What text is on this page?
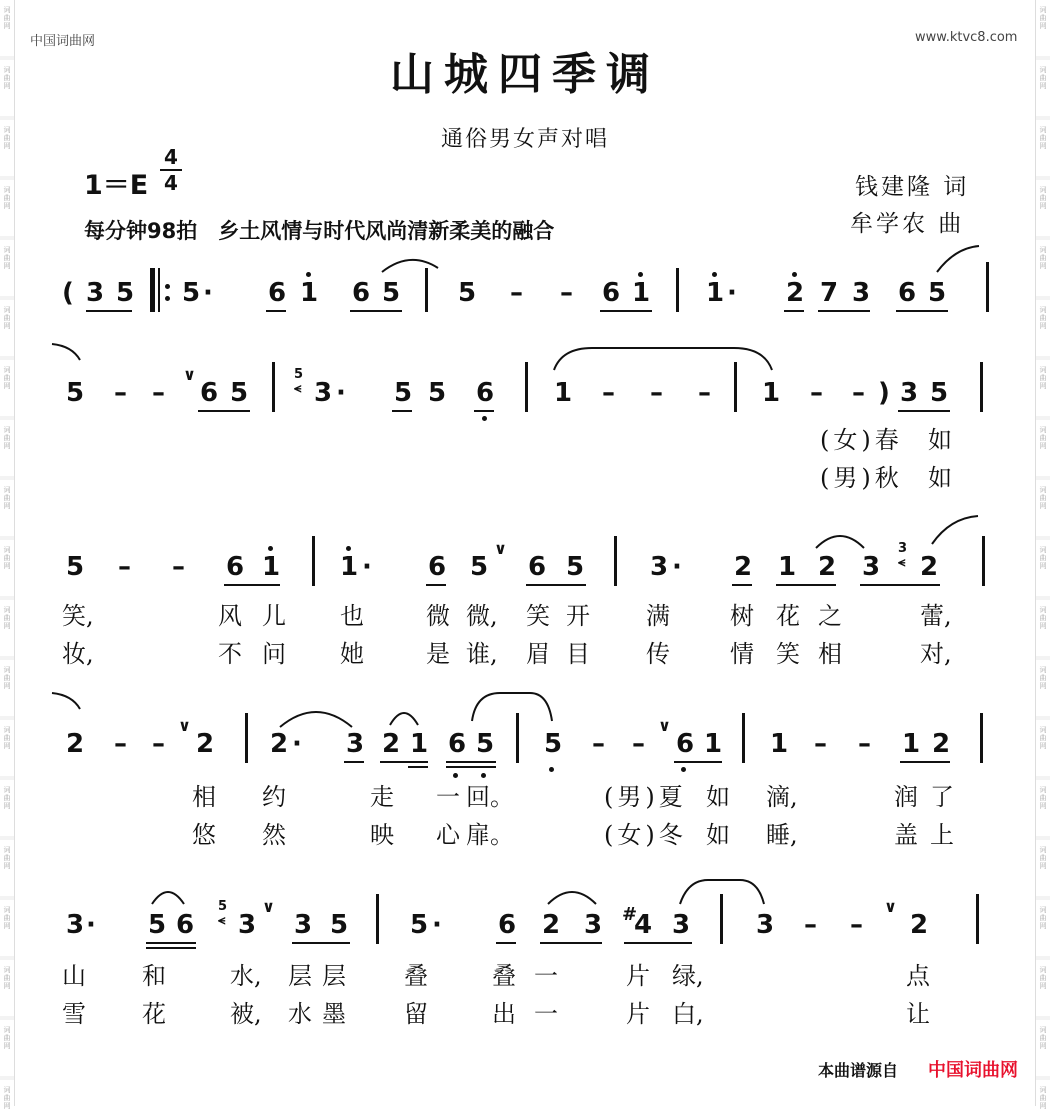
词
曲
网
词
曲
网
词
曲
网
词
曲
网
词
曲
网
词
曲
网
词
曲
网
词
曲
网
词
曲
网
词
曲
网
词
曲
网
词
曲
网
词
曲
网
词
曲
网
词
曲
网
词
曲
网
词
曲
网
词
曲
网
词
曲
网
词
曲
网
词
曲
网
词
曲
网
词
曲
网
词
曲
网
词
曲
网
词
曲
网
词
曲
网
词
曲
网
词
曲
网
词
曲
网
词
曲
网
词
曲
网
词
曲
网
词
曲
网
词
曲
网
词
曲
网
词
曲
网
词
曲
网
中国词曲网	www.ktvc8.com
山城四季调
通俗男女声对唱
1＝E
4
4
每分钟98拍　乡土风情与时代风尚清新柔美的融合
钱建隆 词
牟学农 曲
( 3 5 5 · 6 1 6 5 5 – – 6 1 1 · 2 7 3 6 5
5 – –
∨
6 5
5
⪪ 3 · 5 5 6 1 – – – 1 – – ) 3 5
(女)春 如
(男)秋 如
5 – – 6 1 1 · 6 5
∨
6 5	3 · 2 1 2 3
3
⪪ 2
笑,	风 儿 也	微 微, 笑 开 满	树 花 之	蕾,
妆,	不 问 她	是 谁, 眉 目 传	情 笑 相	对,
2 – –
∨
2 2 · 3 2 1 6 5 5 – –
∨
6 1 1 – – 1 2
相 约	走 一 回。	(男)夏 如 滴,	润 了
悠 然	映 心 扉。	(女)冬 如 睡,	盖 上
3 · 5 6
5
⪪ 3
∨
3 5 5 · 6 2 3 #
4 3	3 – –
∨
2
山 和	水, 层 层 叠	叠 一	片 绿,	点
雪 花	被, 水 墨 留	出 一	片 白,	让
本曲谱源自 中国词曲网
